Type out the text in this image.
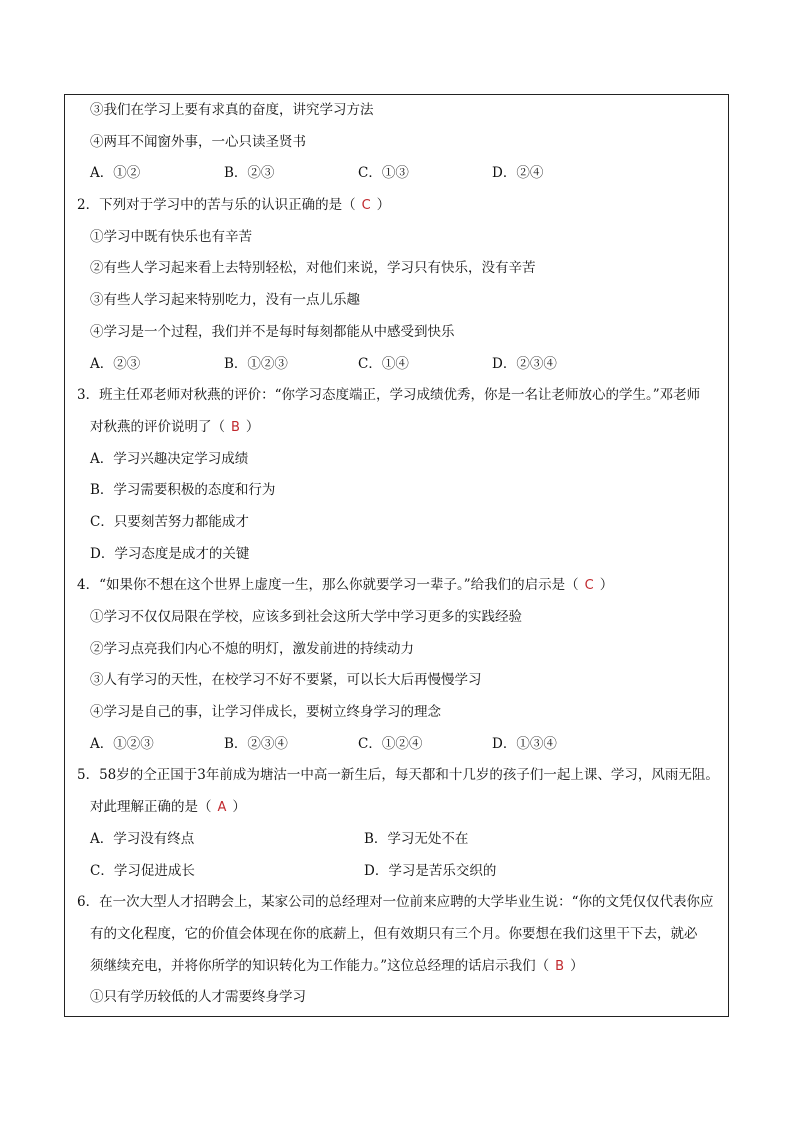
③我们在学习上要有求真的奋度，讲究学习方法
④两耳不闻窗外事，一心只读圣贤书
A．①②	B．②③	C．①③	D．②④
2．下列对于学习中的苦与乐的认识正确的是（ C ）
①学习中既有快乐也有辛苦
②有些人学习起来看上去特别轻松，对他们来说，学习只有快乐，没有辛苦
③有些人学习起来特别吃力，没有一点儿乐趣
④学习是一个过程，我们并不是每时每刻都能从中感受到快乐
A．②③	B．①②③	C．①④	D．②③④
3．班主任邓老师对秋燕的评价：“你学习态度端正，学习成绩优秀，你是一名让老师放心的学生。”邓老师
对秋燕的评价说明了（ B ）
A．学习兴趣决定学习成绩
B．学习需要积极的态度和行为
C．只要刻苦努力都能成才
D．学习态度是成才的关键
4．“如果你不想在这个世界上虚度一生，那么你就要学习一辈子。”给我们的启示是（ C ）
①学习不仅仅局限在学校，应该多到社会这所大学中学习更多的实践经验
②学习点亮我们内心不熄的明灯，激发前进的持续动力
③人有学习的天性，在校学习不好不要紧，可以长大后再慢慢学习
④学习是自己的事，让学习伴成长，要树立终身学习的理念
A．①②③	B．②③④	C．①②④	D．①③④
5．58岁的仝正国于3年前成为塘沽一中高一新生后，每天都和十几岁的孩子们一起上课、学习，风雨无阻。
对此理解正确的是（ A ）
A．学习没有终点	B．学习无处不在
C．学习促进成长	D．学习是苦乐交织的
6．在一次大型人才招聘会上，某家公司的总经理对一位前来应聘的大学毕业生说：“你的文凭仅仅代表你应
有的文化程度，它的价值会体现在你的底薪上，但有效期只有三个月。你要想在我们这里干下去，就必
须继续充电，并将你所学的知识转化为工作能力。”这位总经理的话启示我们（ B ）
①只有学历较低的人才需要终身学习
